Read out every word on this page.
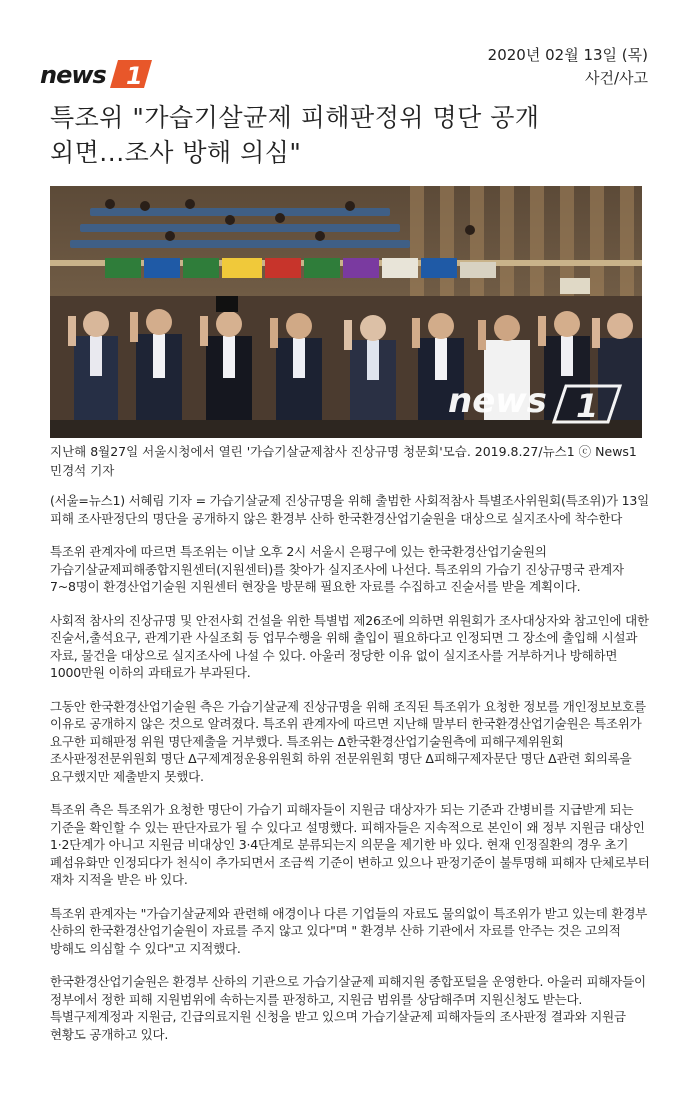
news 1
2020년 02월 13일 (목)
사건/사고
특조위 "가습기살균제 피해판정위 명단 공개
외면...조사 방해 의심"
news 1
지난해 8월27일 서울시청에서 열린 '가습기살균제참사 진상규명 청문회'모습. 2019.8.27/뉴스1 ⓒ News1 민경석 기자

(서울=뉴스1) 서혜림 기자 = 가습기살균제 진상규명을 위해 출범한 사회적참사 특별조사위원회(특조위)가 13일 피해 조사판정단의 명단을 공개하지 않은 환경부 산하 한국환경산업기술원을 대상으로 실지조사에 착수한다

특조위 관계자에 따르면 특조위는 이날 오후 2시 서울시 은평구에 있는 한국환경산업기술원의 가습기살균제피해종합지원센터(지원센터)를 찾아가 실지조사에 나선다. 특조위의 가습기 진상규명국 관계자 7~8명이 환경산업기술원 지원센터 현장을 방문해 필요한 자료를 수집하고 진술서를 받을 계획이다.

사회적 참사의 진상규명 및 안전사회 건설을 위한 특별법 제26조에 의하면 위원회가 조사대상자와 참고인에 대한 진술서,출석요구, 관계기관 사실조회 등 업무수행을 위해 출입이 필요하다고 인정되면 그 장소에 출입해 시설과 자료, 물건을 대상으로 실지조사에 나설 수 있다. 아울러 정당한 이유 없이 실지조사를 거부하거나 방해하면 1000만원 이하의 과태료가 부과된다.

그동안 한국환경산업기술원 측은 가습기살균제 진상규명을 위해 조직된 특조위가 요청한 정보를 개인정보보호를 이유로 공개하지 않은 것으로 알려졌다. 특조위 관계자에 따르면 지난해 말부터 한국환경산업기술원은 특조위가 요구한 피해판정 위원 명단제출을 거부했다. 특조위는 Δ한국환경산업기술원측에 피해구제위원회 조사판정전문위원회 명단 Δ구제계정운용위원회 하위 전문위원회 명단 Δ피해구제자문단 명단 Δ관련 회의록을 요구했지만 제출받지 못했다.

특조위 측은 특조위가 요청한 명단이 가습기 피해자들이 지원금 대상자가 되는 기준과 간병비를 지급받게 되는 기준을 확인할 수 있는 판단자료가 될 수 있다고 설명했다. 피해자들은 지속적으로 본인이 왜 정부 지원금 대상인 1·2단계가 아니고 지원금 비대상인 3·4단계로 분류되는지 의문을 제기한 바 있다. 현재 인정질환의 경우 초기 폐섬유화만 인정되다가 천식이 추가되면서 조금씩 기준이 변하고 있으나 판정기준이 불투명해 피해자 단체로부터 재차 지적을 받은 바 있다.

특조위 관계자는 "가습기살균제와 관련해 애경이나 다른 기업들의 자료도 물의없이 특조위가 받고 있는데 환경부 산하의 한국환경산업기술원이 자료를 주지 않고 있다"며 " 환경부 산하 기관에서 자료를 안주는 것은 고의적 방해도 의심할 수 있다"고 지적했다.

한국환경산업기술원은 환경부 산하의 기관으로 가습기살균제 피해지원 종합포털을 운영한다. 아울러 피해자들이 정부에서 정한 피해 지원범위에 속하는지를 판정하고, 지원금 범위를 상담해주며 지원신청도 받는다. 특별구제계정과 지원금, 긴급의료지원 신청을 받고 있으며 가습기살균제 피해자들의 조사판정 결과와 지원금 현황도 공개하고 있다.
